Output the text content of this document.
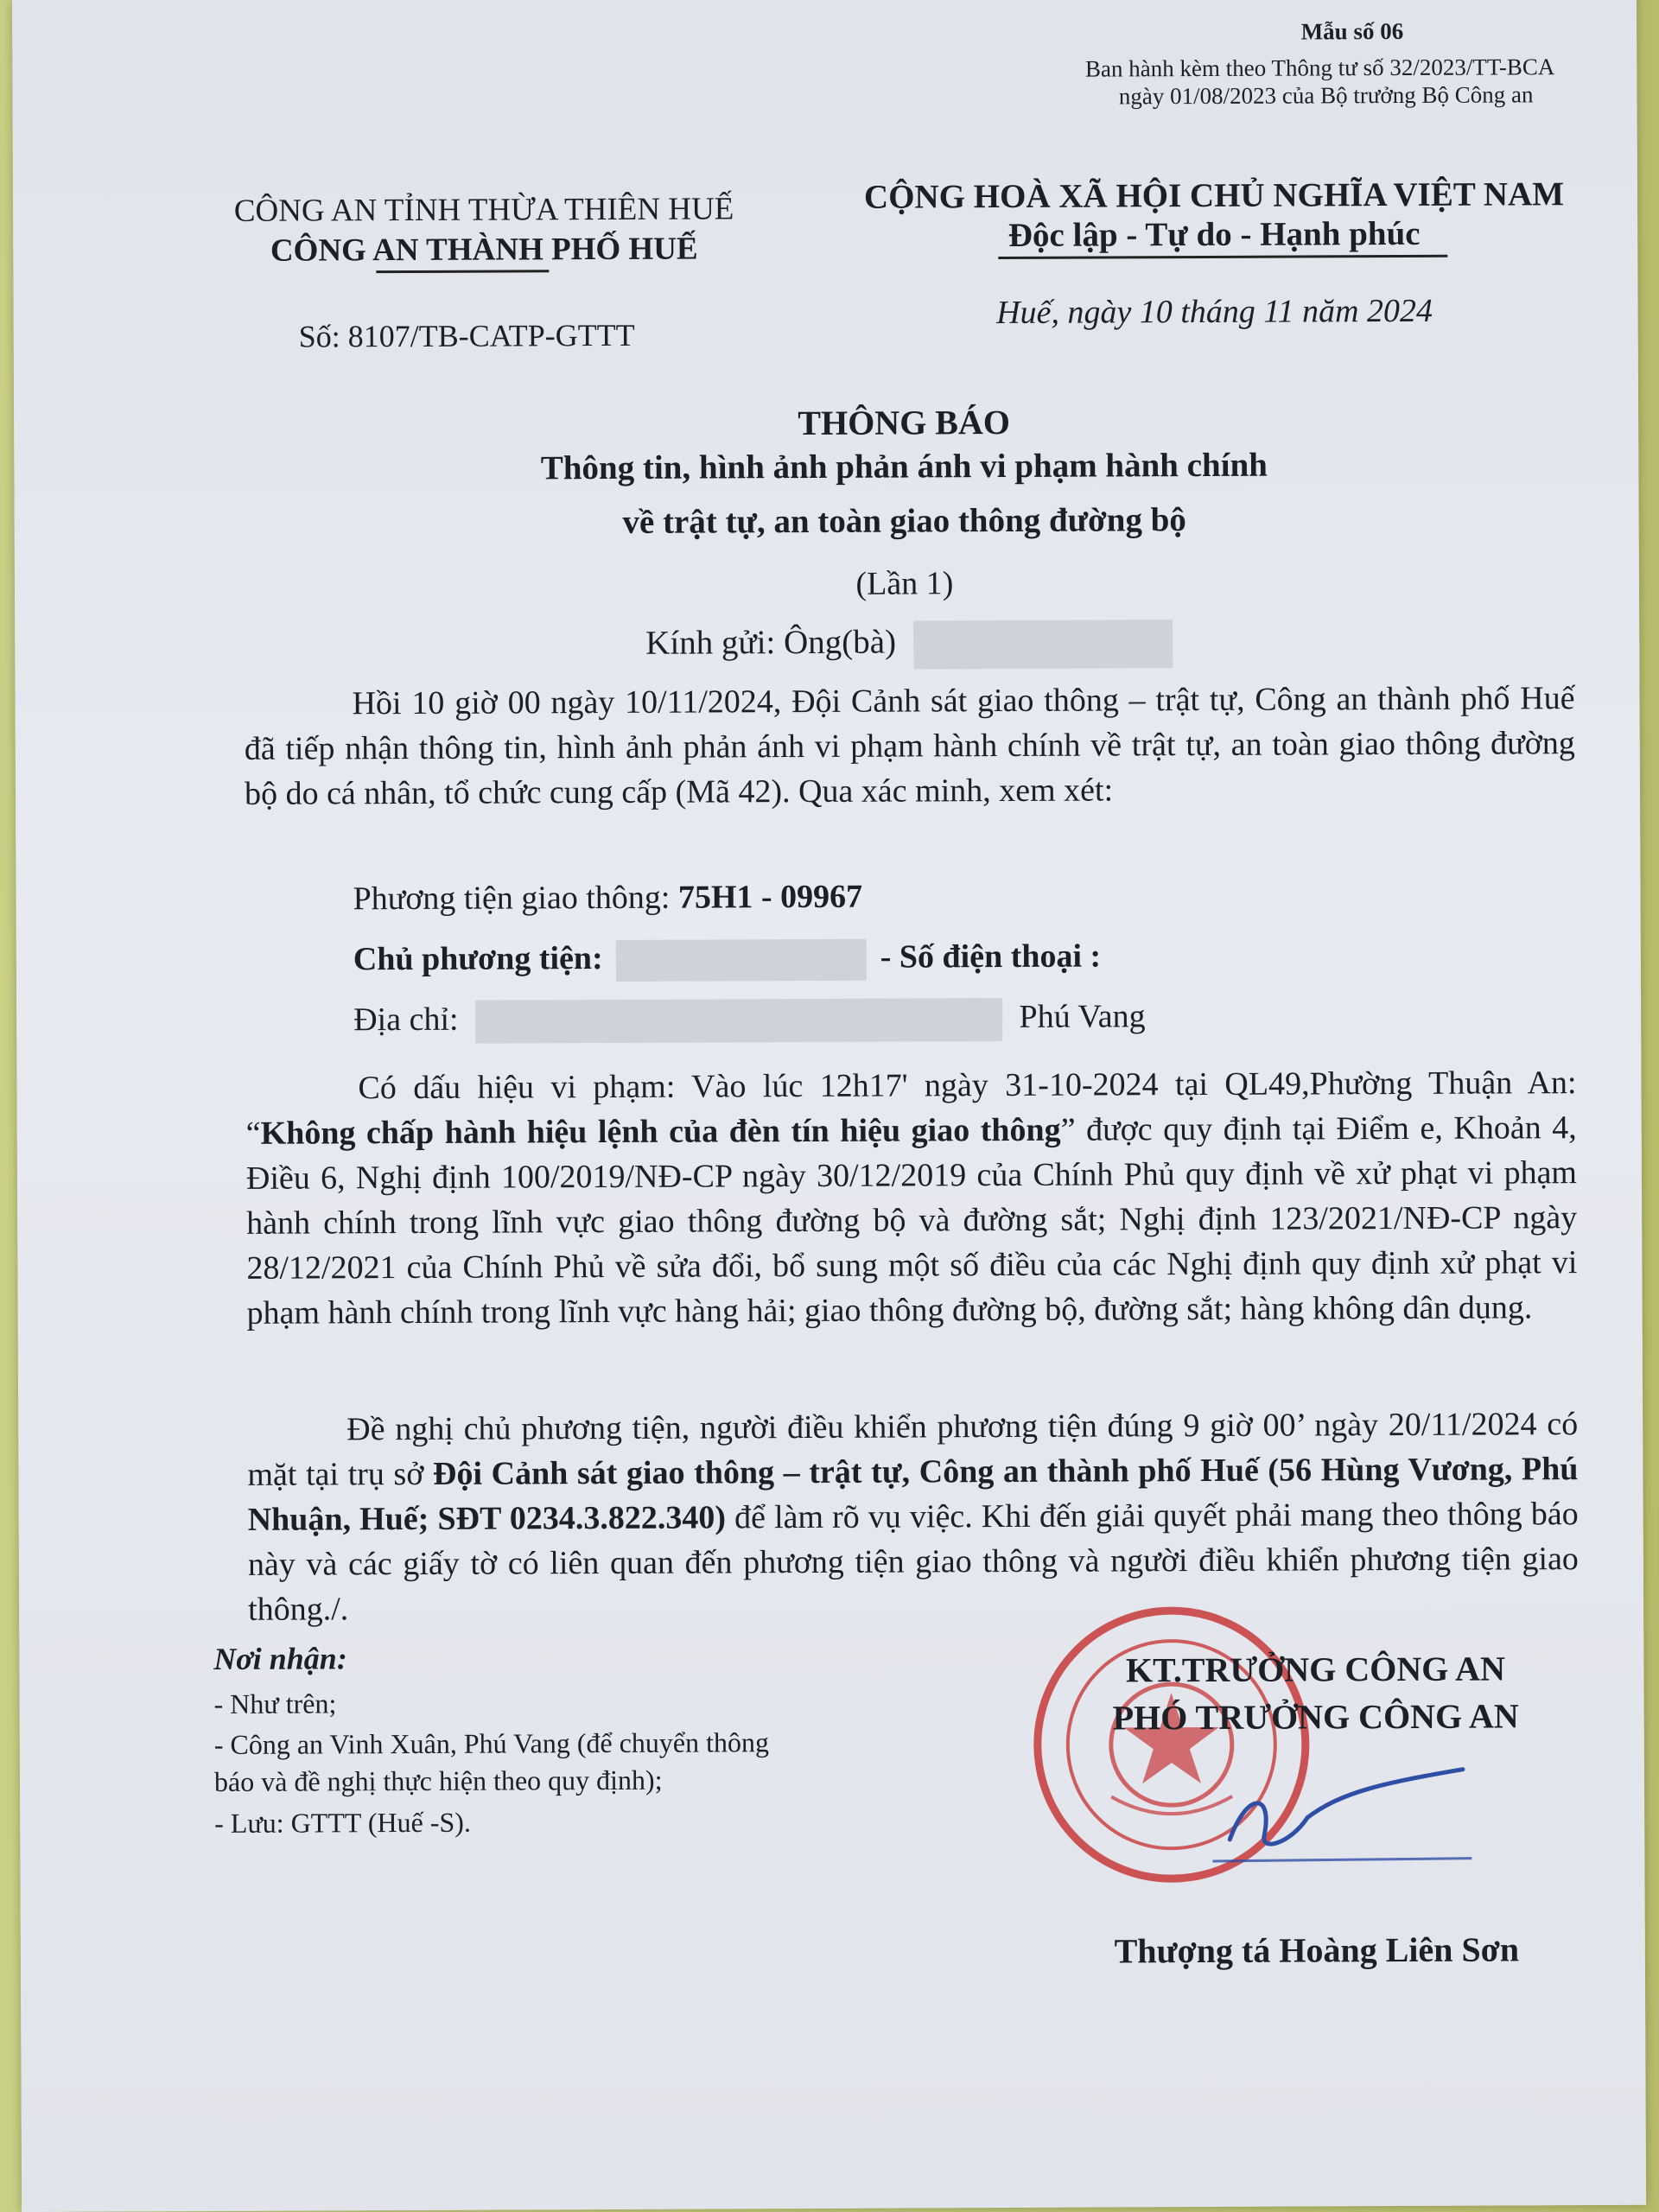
Mẫu số 06
Ban hành kèm theo Thông tư số 32/2023/TT-BCA
ngày 01/08/2023 của Bộ trưởng Bộ Công an
CÔNG AN TỈNH THỪA THIÊN HUẾ
CÔNG AN THÀNH PHỐ HUẾ
Số: 8107/TB-CATP-GTTT
CỘNG HOÀ XÃ HỘI CHỦ NGHĨA VIỆT NAM
Độc lập - Tự do - Hạnh phúc
Huế, ngày 10 tháng 11 năm 2024
THÔNG BÁO
Thông tin, hình ảnh phản ánh vi phạm hành chính
về trật tự, an toàn giao thông đường bộ
(Lần 1)
Kính gửi: Ông(bà)
Hồi 10 giờ 00 ngày 10/11/2024, Đội Cảnh sát giao thông – trật tự, Công an thành phố Huế đã tiếp nhận thông tin, hình ảnh phản ánh vi phạm hành chính về trật tự, an toàn giao thông đường bộ do cá nhân, tổ chức cung cấp (Mã 42). Qua xác minh, xem xét:
Phương tiện giao thông: 75H1 - 09967
Chủ phương tiện:	- Số điện thoại :
Địa chỉ:	Phú Vang
Có dấu hiệu vi phạm: Vào lúc 12h17' ngày 31-10-2024 tại QL49,Phường Thuận An: “Không chấp hành hiệu lệnh của đèn tín hiệu giao thông” được quy định tại Điểm e, Khoản 4, Điều 6, Nghị định 100/2019/NĐ-CP ngày 30/12/2019 của Chính Phủ quy định về xử phạt vi phạm hành chính trong lĩnh vực giao thông đường bộ và đường sắt; Nghị định 123/2021/NĐ-CP ngày 28/12/2021 của Chính Phủ về sửa đổi, bổ sung một số điều của các Nghị định quy định xử phạt vi phạm hành chính trong lĩnh vực hàng hải; giao thông đường bộ, đường sắt; hàng không dân dụng.
Đề nghị chủ phương tiện, người điều khiển phương tiện đúng 9 giờ 00’ ngày 20/11/2024 có mặt tại trụ sở Đội Cảnh sát giao thông – trật tự, Công an thành phố Huế (56 Hùng Vương, Phú Nhuận, Huế; SĐT 0234.3.822.340) để làm rõ vụ việc. Khi đến giải quyết phải mang theo thông báo này và các giấy tờ có liên quan đến phương tiện giao thông và người điều khiển phương tiện giao thông./.
Nơi nhận:
- Như trên;
- Công an Vinh Xuân, Phú Vang (để chuyển thông
báo và đề nghị thực hiện theo quy định);
- Lưu: GTTT (Huế -S).
KT.TRƯỞNG CÔNG AN
PHÓ TRƯỞNG CÔNG AN
Thượng tá Hoàng Liên Sơn
